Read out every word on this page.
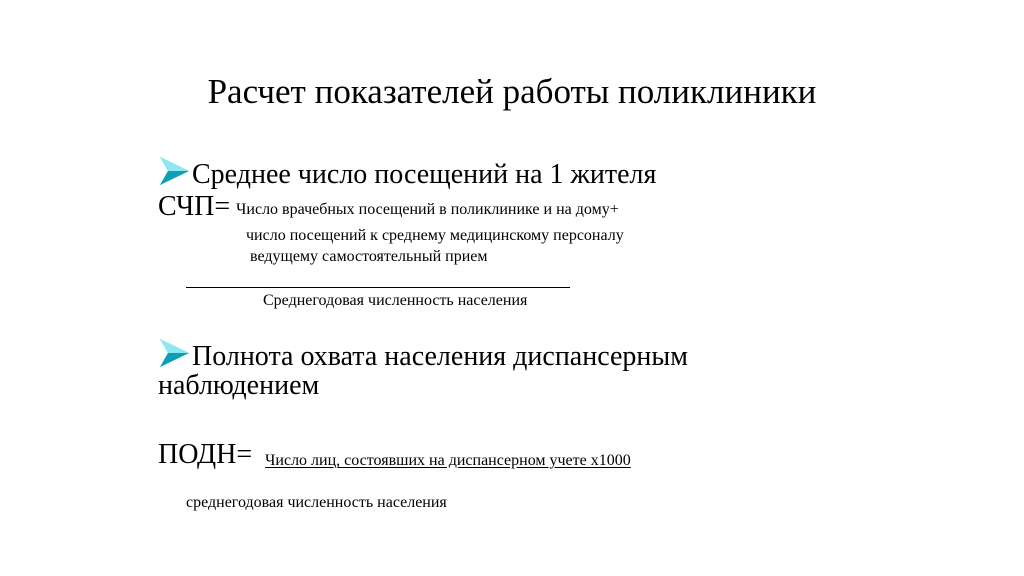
Расчет показателей работы поликлиники
Среднее число посещений на 1 жителя
СЧП= Число врачебных посещений в поликлинике и на дому+
число посещений к среднему медицинскому персоналу
ведущему самостоятельный прием
Среднегодовая численность населения
Полнота охвата населения диспансерным
наблюдением
ПОДН= Число лиц, состоявших на диспансерном учете х1000
среднегодовая численность населения
